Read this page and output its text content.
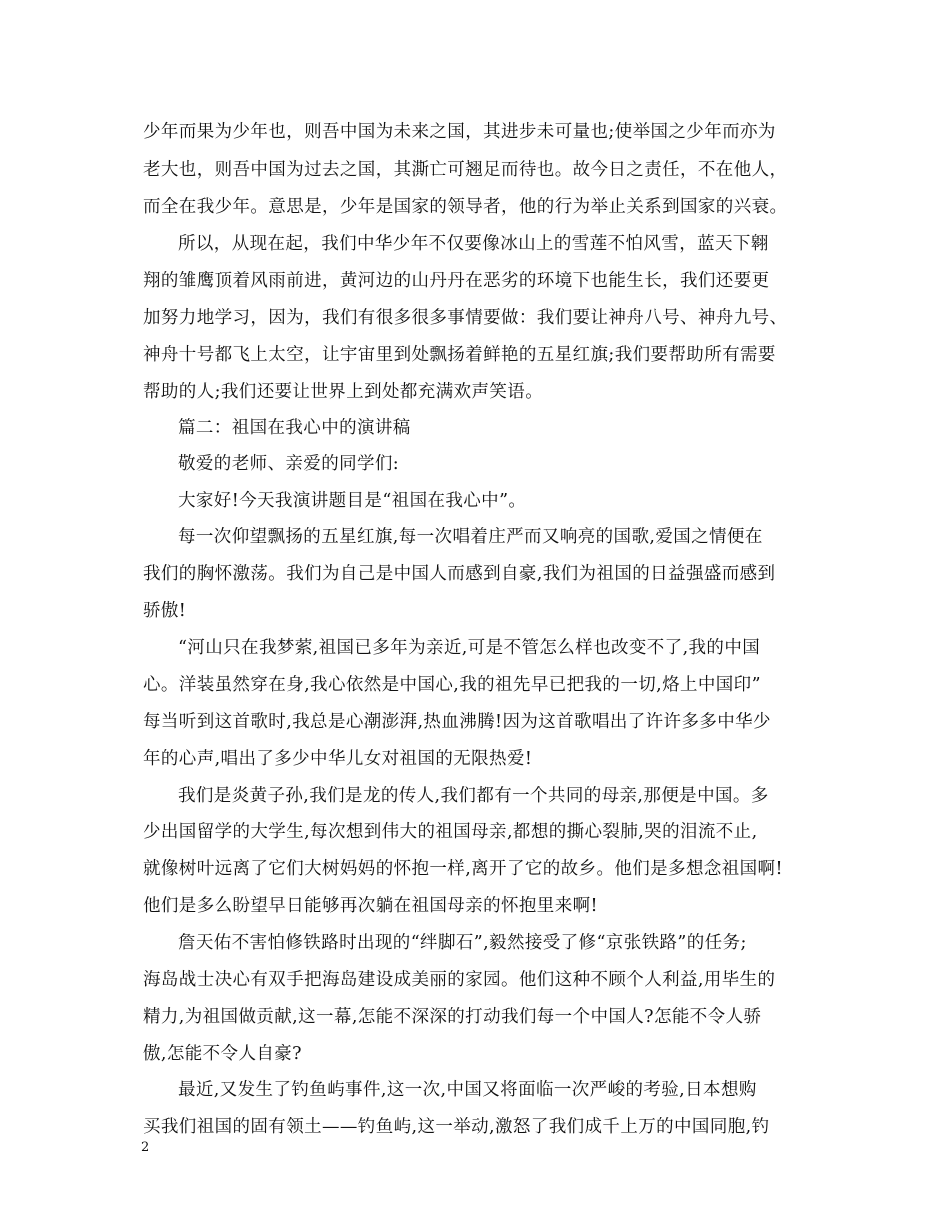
少年而果为少年也，则吾中国为未来之国，其进步未可量也;使举国之少年而亦为
老大也，则吾中国为过去之国，其澌亡可翘足而待也。故今日之责任，不在他人，
而全在我少年。意思是，少年是国家的领导者，他的行为举止关系到国家的兴衰。
所以，从现在起，我们中华少年不仅要像冰山上的雪莲不怕风雪，蓝天下翱
翔的雏鹰顶着风雨前进，黄河边的山丹丹在恶劣的环境下也能生长，我们还要更
加努力地学习，因为，我们有很多很多事情要做：我们要让神舟八号、神舟九号、
神舟十号都飞上太空，让宇宙里到处飘扬着鲜艳的五星红旗;我们要帮助所有需要
帮助的人;我们还要让世界上到处都充满欢声笑语。
篇二：祖国在我心中的演讲稿
敬爱的老师、亲爱的同学们:
大家好!今天我演讲题目是“祖国在我心中”。
每一次仰望飘扬的五星红旗,每一次唱着庄严而又响亮的国歌,爱国之情便在
我们的胸怀激荡。我们为自己是中国人而感到自豪,我们为祖国的日益强盛而感到
骄傲!
“河山只在我梦萦,祖国已多年为亲近,可是不管怎么样也改变不了,我的中国
心。洋装虽然穿在身,我心依然是中国心,我的祖先早已把我的一切,烙上中国印”
每当听到这首歌时,我总是心潮澎湃,热血沸腾!因为这首歌唱出了许许多多中华少
年的心声,唱出了多少中华儿女对祖国的无限热爱!
我们是炎黄子孙,我们是龙的传人,我们都有一个共同的母亲,那便是中国。多
少出国留学的大学生,每次想到伟大的祖国母亲,都想的撕心裂肺,哭的泪流不止,
就像树叶远离了它们大树妈妈的怀抱一样,离开了它的故乡。他们是多想念祖国啊!
他们是多么盼望早日能够再次躺在祖国母亲的怀抱里来啊!
詹天佑不害怕修铁路时出现的“绊脚石”,毅然接受了修“京张铁路”的任务;
海岛战士决心有双手把海岛建设成美丽的家园。他们这种不顾个人利益,用毕生的
精力,为祖国做贡献,这一幕,怎能不深深的打动我们每一个中国人?怎能不令人骄
傲,怎能不令人自豪?
最近,又发生了钓鱼屿事件,这一次,中国又将面临一次严峻的考验,日本想购
买我们祖国的固有领土——钓鱼屿,这一举动,激怒了我们成千上万的中国同胞,钓
2
